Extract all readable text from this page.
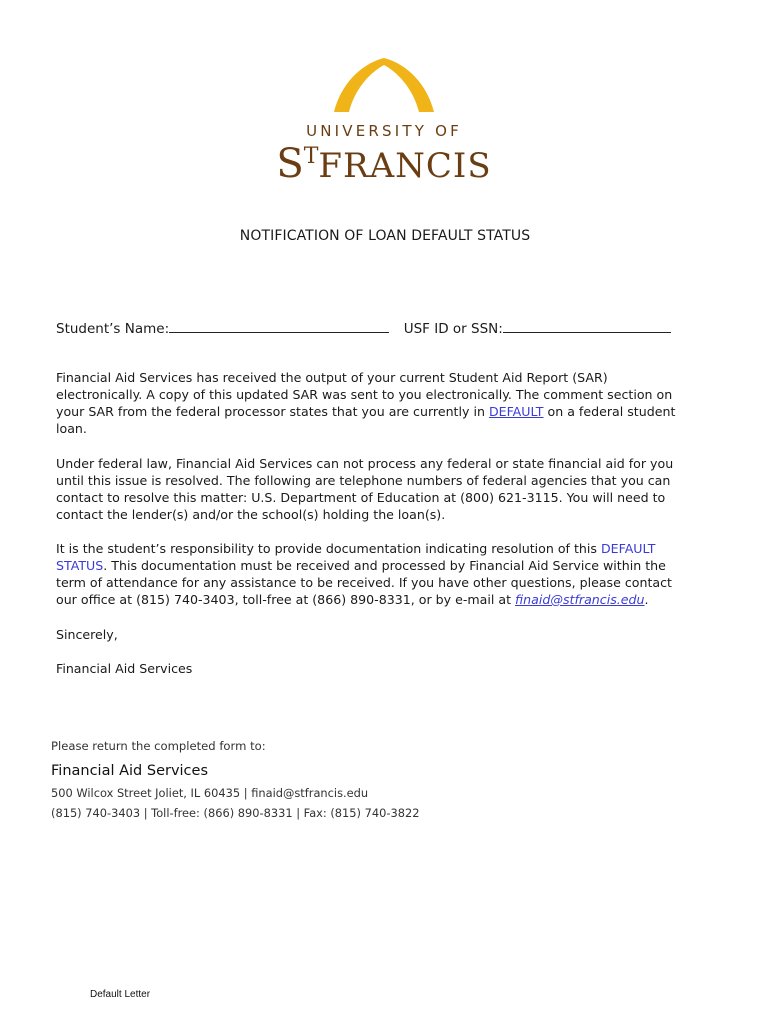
UNIVERSITY OF
STFRANCIS
NOTIFICATION OF LOAN DEFAULT STATUS
Student’s Name:	USF ID or SSN:

Financial Aid Services has received the output of your current Student Aid Report (SAR) electronically. A copy of this updated SAR was sent to you electronically. The comment section on your SAR from the federal processor states that you are currently in DEFAULT on a federal student loan.

Under federal law, Financial Aid Services can not process any federal or state financial aid for you until this issue is resolved. The following are telephone numbers of federal agencies that you can contact to resolve this matter: U.S. Department of Education at (800) 621-3115. You will need to contact the lender(s) and/or the school(s) holding the loan(s).

It is the student’s responsibility to provide documentation indicating resolution of this DEFAULT STATUS. This documentation must be received and processed by Financial Aid Service within the term of attendance for any assistance to be received. If you have other questions, please contact our office at (815) 740-3403, toll-free at (866) 890-8331, or by e-mail at finaid@stfrancis.edu.

Sincerely,

Financial Aid Services

Please return the completed form to:
Financial Aid Services
500 Wilcox Street Joliet, IL 60435 | finaid@stfrancis.edu
(815) 740-3403 | Toll-free: (866) 890-8331 | Fax: (815) 740-3822
Default Letter
